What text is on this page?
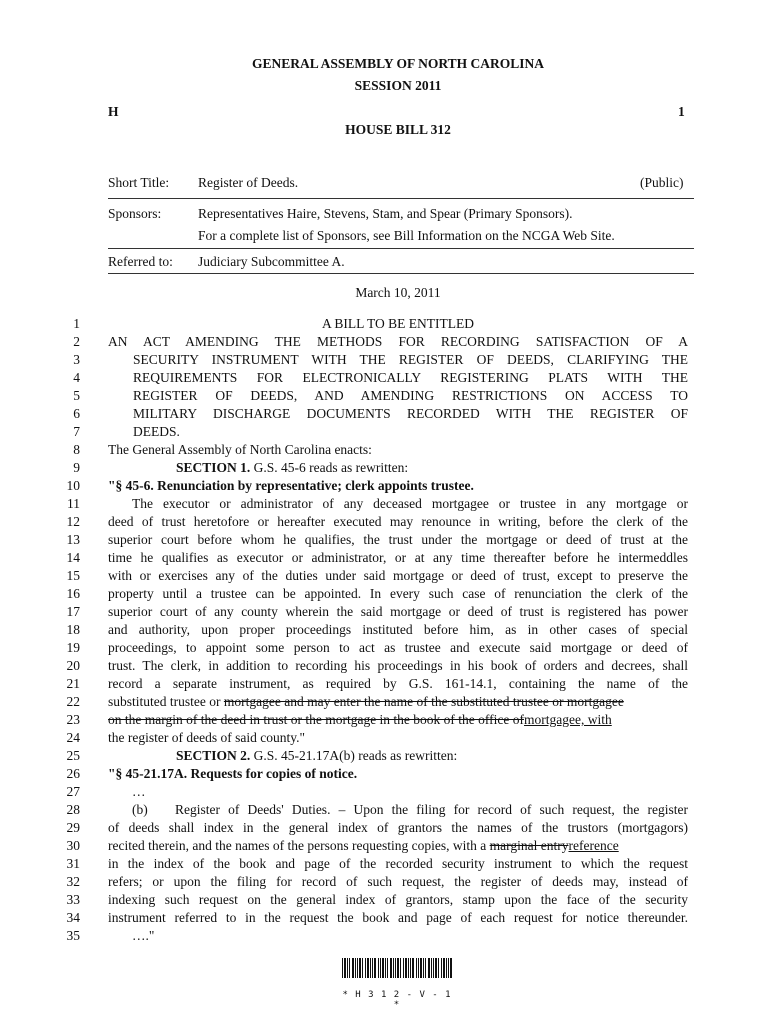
GENERAL ASSEMBLY OF NORTH CAROLINA
SESSION 2011
H	1
HOUSE BILL 312
Short Title: Register of Deeds.	(Public)
Sponsors:	Representatives Haire, Stevens, Stam, and Spear (Primary Sponsors).
For a complete list of Sponsors, see Bill Information on the NCGA Web Site.
Referred to: Judiciary Subcommittee A.
March 10, 2011
1
2
3
4
5
6
7
8
9
10
11
12
13
14
15
16
17
18
19
20
21
22
23
24
25
26
27
28
29
30
31
32
33
34
35
A BILL TO BE ENTITLED
AN ACT AMENDING THE METHODS FOR RECORDING SATISFACTION OF A
SECURITY INSTRUMENT WITH THE REGISTER OF DEEDS, CLARIFYING THE
REQUIREMENTS FOR ELECTRONICALLY REGISTERING PLATS WITH THE
REGISTER OF DEEDS, AND AMENDING RESTRICTIONS ON ACCESS TO
MILITARY DISCHARGE DOCUMENTS RECORDED WITH THE REGISTER OF
DEEDS.
The General Assembly of North Carolina enacts:
SECTION 1. G.S. 45-6 reads as rewritten:
"§ 45-6. Renunciation by representative; clerk appoints trustee.
The executor or administrator of any deceased mortgagee or trustee in any mortgage or
deed of trust heretofore or hereafter executed may renounce in writing, before the clerk of the
superior court before whom he qualifies, the trust under the mortgage or deed of trust at the
time he qualifies as executor or administrator, or at any time thereafter before he intermeddles
with or exercises any of the duties under said mortgage or deed of trust, except to preserve the
property until a trustee can be appointed. In every such case of renunciation the clerk of the
superior court of any county wherein the said mortgage or deed of trust is registered has power
and authority, upon proper proceedings instituted before him, as in other cases of special
proceedings, to appoint some person to act as trustee and execute said mortgage or deed of
trust. The clerk, in addition to recording his proceedings in his book of orders and decrees, shall
record a separate instrument, as required by G.S. 161-14.1, containing the name of the
substituted trustee or mortgagee and may enter the name of the substituted trustee or mortgagee
on the margin of the deed in trust or the mortgage in the book of the office ofmortgagee, with
the register of deeds of said county."
SECTION 2. G.S. 45-21.17A(b) reads as rewritten:
"§ 45-21.17A. Requests for copies of notice.
…
(b) Register of Deeds' Duties. – Upon the filing for record of such request, the register
of deeds shall index in the general index of grantors the names of the trustors (mortgagors)
recited therein, and the names of the persons requesting copies, with a marginal entryreference
in the index of the book and page of the recorded security instrument to which the request
refers; or upon the filing for record of such request, the register of deeds may, instead of
indexing such request on the general index of grantors, stamp upon the face of the security
instrument referred to in the request the book and page of each request for notice thereunder.
…."
* H 3 1 2 - V - 1 *
